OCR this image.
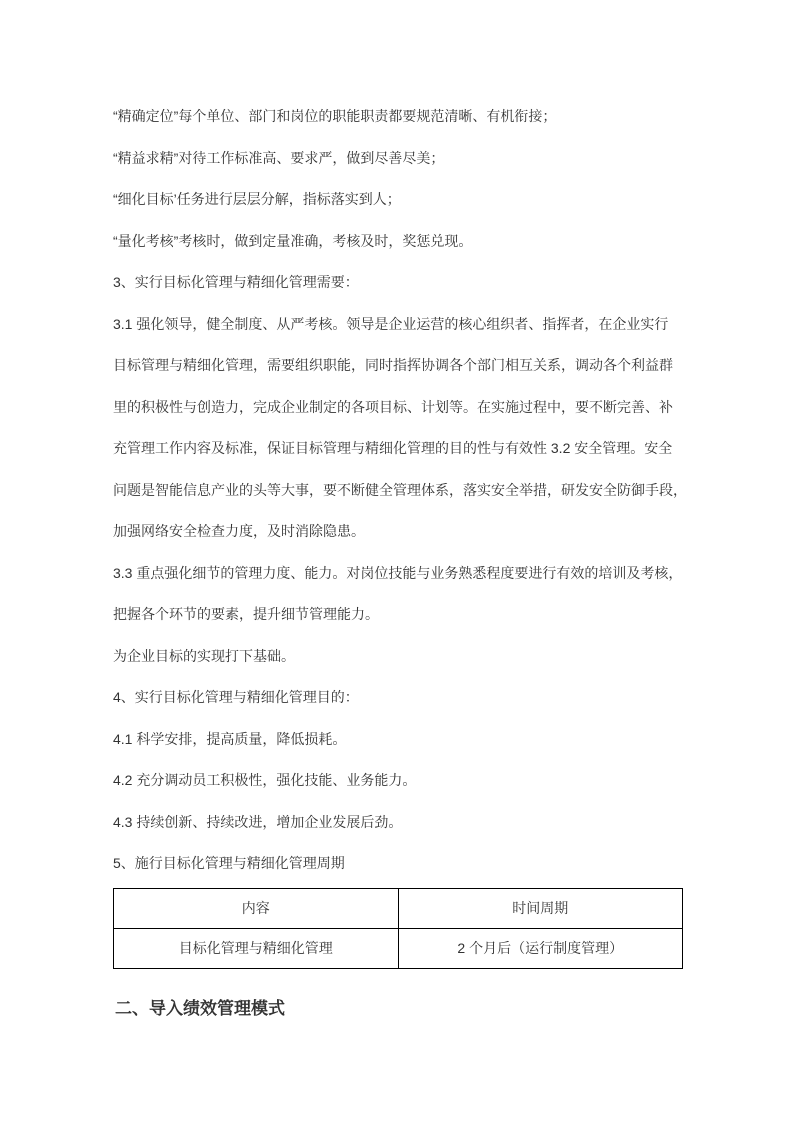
“精确定位”每个单位、部门和岗位的职能职责都要规范清晰、有机衔接；
“精益求精”对待工作标准高、要求严，做到尽善尽美；
“细化目标’任务进行层层分解，指标落实到人；
“量化考核”考核时，做到定量准确，考核及时，奖惩兑现。
3、实行目标化管理与精细化管理需要：
3.1 强化领导，健全制度、从严考核。领导是企业运营的核心组织者、指挥者，在企业实行
目标管理与精细化管理，需要组织职能，同时指挥协调各个部门相互关系，调动各个利益群
里的积极性与创造力，完成企业制定的各项目标、计划等。在实施过程中，要不断完善、补
充管理工作内容及标准，保证目标管理与精细化管理的目的性与有效性 3.2 安全管理。安全
问题是智能信息产业的头等大事，要不断健全管理体系，落实安全举措，研发安全防御手段，
加强网络安全检查力度，及时消除隐患。
3.3 重点强化细节的管理力度、能力。对岗位技能与业务熟悉程度要进行有效的培训及考核，
把握各个环节的要素，提升细节管理能力。
为企业目标的实现打下基础。
4、实行目标化管理与精细化管理目的：
4.1 科学安排，提高质量，降低损耗。
4.2 充分调动员工积极性，强化技能、业务能力。
4.3 持续创新、持续改进，增加企业发展后劲。
5、施行目标化管理与精细化管理周期
内容	时间周期
目标化管理与精细化管理	2 个月后（运行制度管理）
二、导入绩效管理模式
